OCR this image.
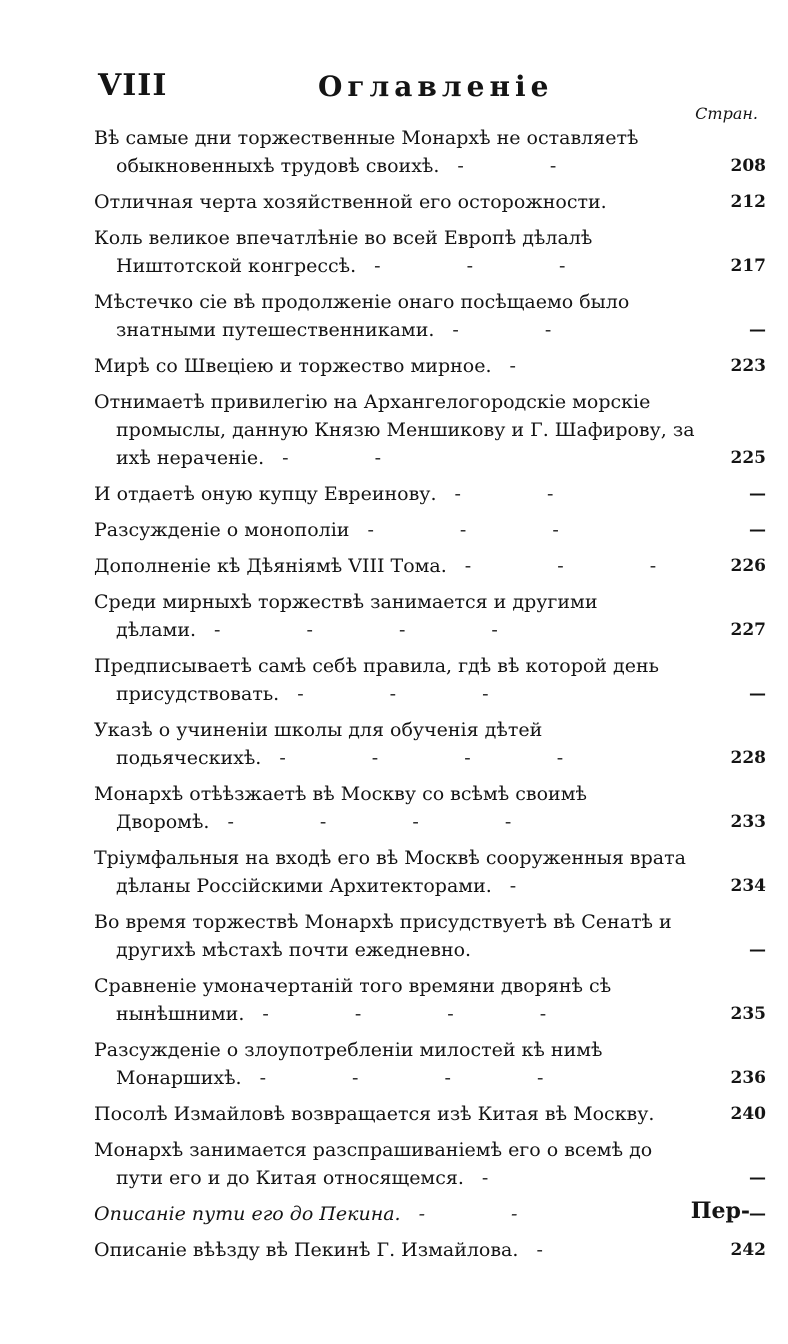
VIII	Оглавленіе
Стран.
Вѣ самые дни торжественные Монархѣ не оставляетѣ обыкновенныхѣ трудовѣ своихѣ. - -	208
Отличная черта хозяйственной его осторожности.	212
Коль великое впечатлѣніе во всей Европѣ дѣлалѣ Ништотской конгрессѣ. - - -	217
Мѣстечко сіе вѣ продолженіе онаго посѣщаемо было знатными путешественниками. - -	—
Мирѣ со Швеціею и торжество мирное. -	223
Отнимаетѣ привилегію на Архангелогородскіе морскіе промыслы, данную Князю Меншикову и Г. Шафирову, за ихѣ нераченіе. - -	225
И отдаетѣ оную купцу Евреинову. - -	—
Разсужденіе о монополіи - - -	—
Дополненіе кѣ Дѣяніямѣ VIII Тома. - - -	226
Среди мирныхѣ торжествѣ занимается и другими дѣлами. - - - -	227
Предписываетѣ самѣ себѣ правила, гдѣ вѣ которой день присудствовать. - - -	—
Указѣ о учиненіи школы для обученія дѣтей подьяческихѣ. - - - -	228
Монархѣ отѣѣзжаетѣ вѣ Москву со всѣмѣ своимѣ Дворомѣ. - - - -	233
Тріумфальныя на входѣ его вѣ Москвѣ сооруженныя врата дѣланы Россійскими Архитекторами. -	234
Во время торжествѣ Монархѣ присудствуетѣ вѣ Сенатѣ и другихѣ мѣстахѣ почти ежедневно.	—
Сравненіе умоначертаній того времяни дворянѣ сѣ нынѣшними. - - - -	235
Разсужденіе о злоупотребленіи милостей кѣ нимѣ Монаршихѣ. - - - -	236
Посолѣ Измайловѣ возвращается изѣ Китая вѣ Москву.	240
Монархѣ занимается разспрашиваніемѣ его о всемѣ до пути его и до Китая относящемся. -	—
Описаніе пути его до Пекина. - -	—
Описаніе вѣѣзду вѣ Пекинѣ Г. Измайлова. -	242
Пер-
